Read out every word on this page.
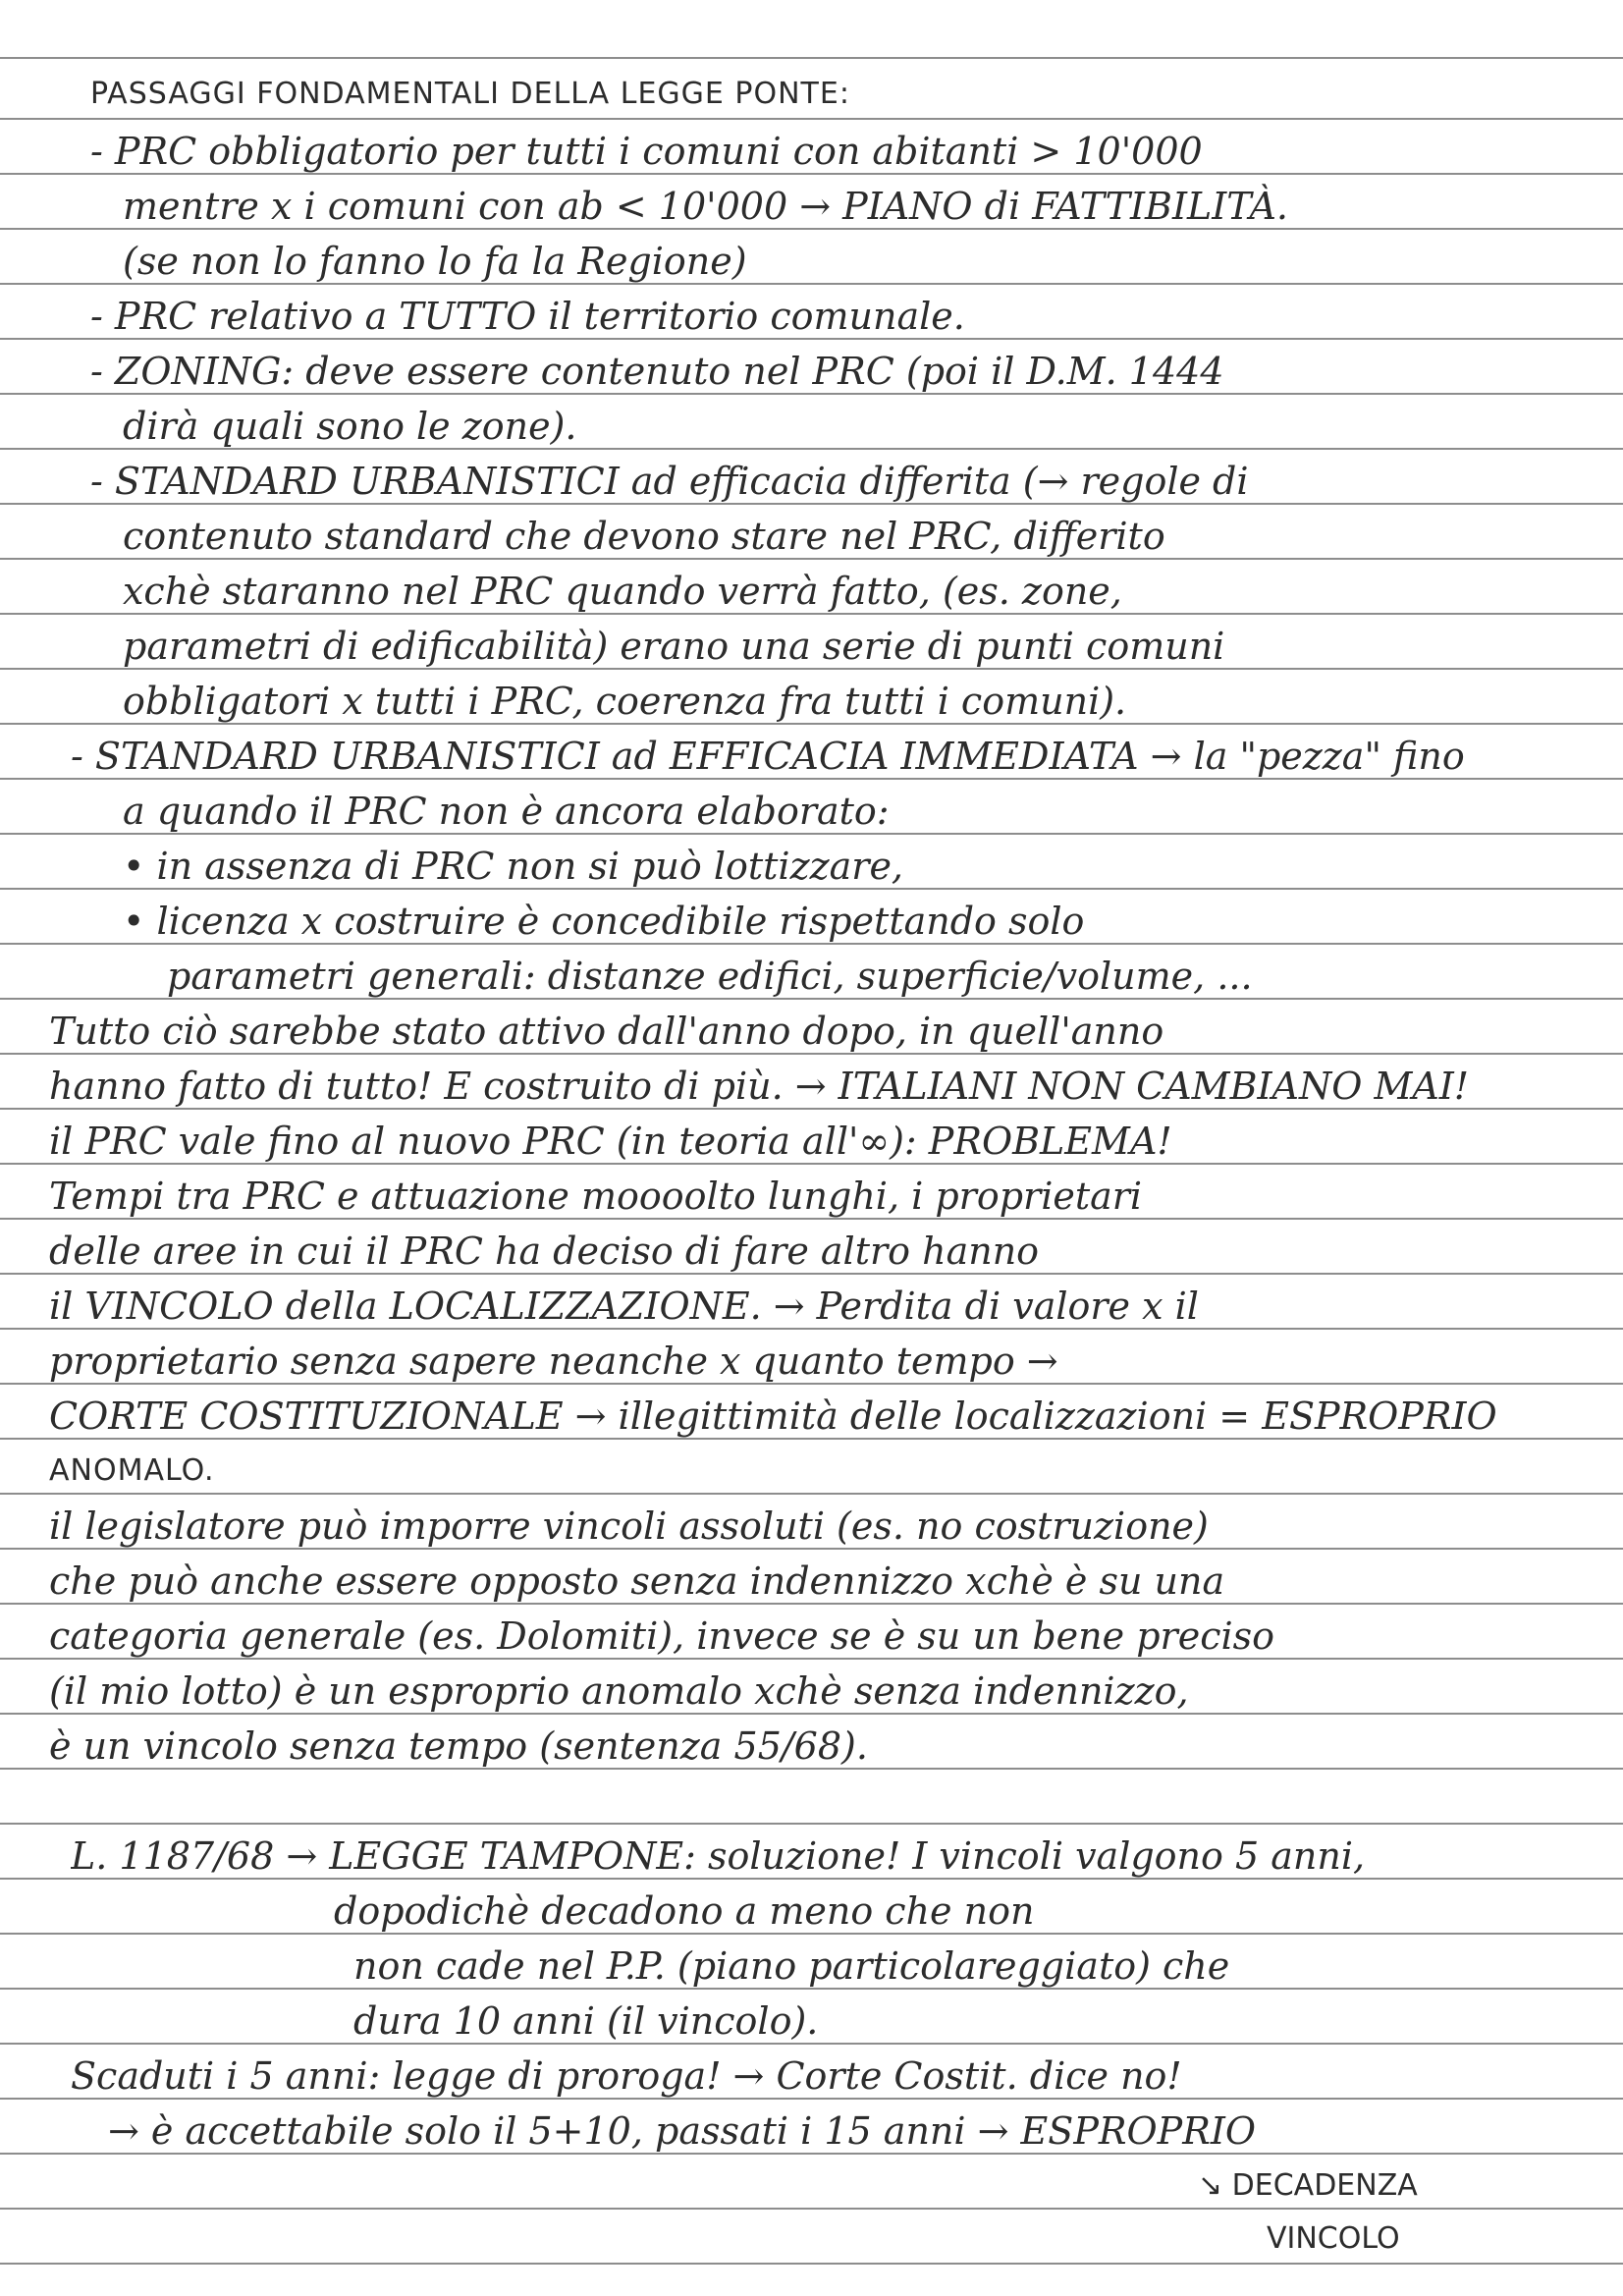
PASSAGGI FONDAMENTALI DELLA LEGGE PONTE:
- PRC obbligatorio per tutti i comuni con abitanti > 10'000
mentre x i comuni con ab < 10'000 → PIANO di FATTIBILITÀ.
(se non lo fanno lo fa la Regione)
- PRC relativo a TUTTO il territorio comunale.
- ZONING: deve essere contenuto nel PRC (poi il D.M. 1444
dirà quali sono le zone).
- STANDARD URBANISTICI ad efficacia differita (→ regole di
contenuto standard che devono stare nel PRC, differito
xchè staranno nel PRC quando verrà fatto, (es. zone,
parametri di edificabilità) erano una serie di punti comuni
obbligatori x tutti i PRC, coerenza fra tutti i comuni).
- STANDARD URBANISTICI ad EFFICACIA IMMEDIATA → la "pezza" fino
a quando il PRC non è ancora elaborato:
• in assenza di PRC non si può lottizzare,
• licenza x costruire è concedibile rispettando solo
parametri generali: distanze edifici, superficie/volume, ...
Tutto ciò sarebbe stato attivo dall'anno dopo, in quell'anno
hanno fatto di tutto! E costruito di più. → ITALIANI NON CAMBIANO MAI!
il PRC vale fino al nuovo PRC (in teoria all'∞): PROBLEMA!
Tempi tra PRC e attuazione moooolto lunghi, i proprietari
delle aree in cui il PRC ha deciso di fare altro hanno
il VINCOLO della LOCALIZZAZIONE. → Perdita di valore x il
proprietario senza sapere neanche x quanto tempo →
CORTE COSTITUZIONALE → illegittimità delle localizzazioni = ESPROPRIO
ANOMALO.
il legislatore può imporre vincoli assoluti (es. no costruzione)
che può anche essere opposto senza indennizzo xchè è su una
categoria generale (es. Dolomiti), invece se è su un bene preciso
(il mio lotto) è un esproprio anomalo xchè senza indennizzo,
è un vincolo senza tempo (sentenza 55/68).
L. 1187/68 → LEGGE TAMPONE: soluzione! I vincoli valgono 5 anni,
dopodichè decadono a meno che non
non cade nel P.P. (piano particolareggiato) che
dura 10 anni (il vincolo).
Scaduti i 5 anni: legge di proroga! → Corte Costit. dice no!
→ è accettabile solo il 5+10, passati i 15 anni → ESPROPRIO
↘ DECADENZA
VINCOLO
